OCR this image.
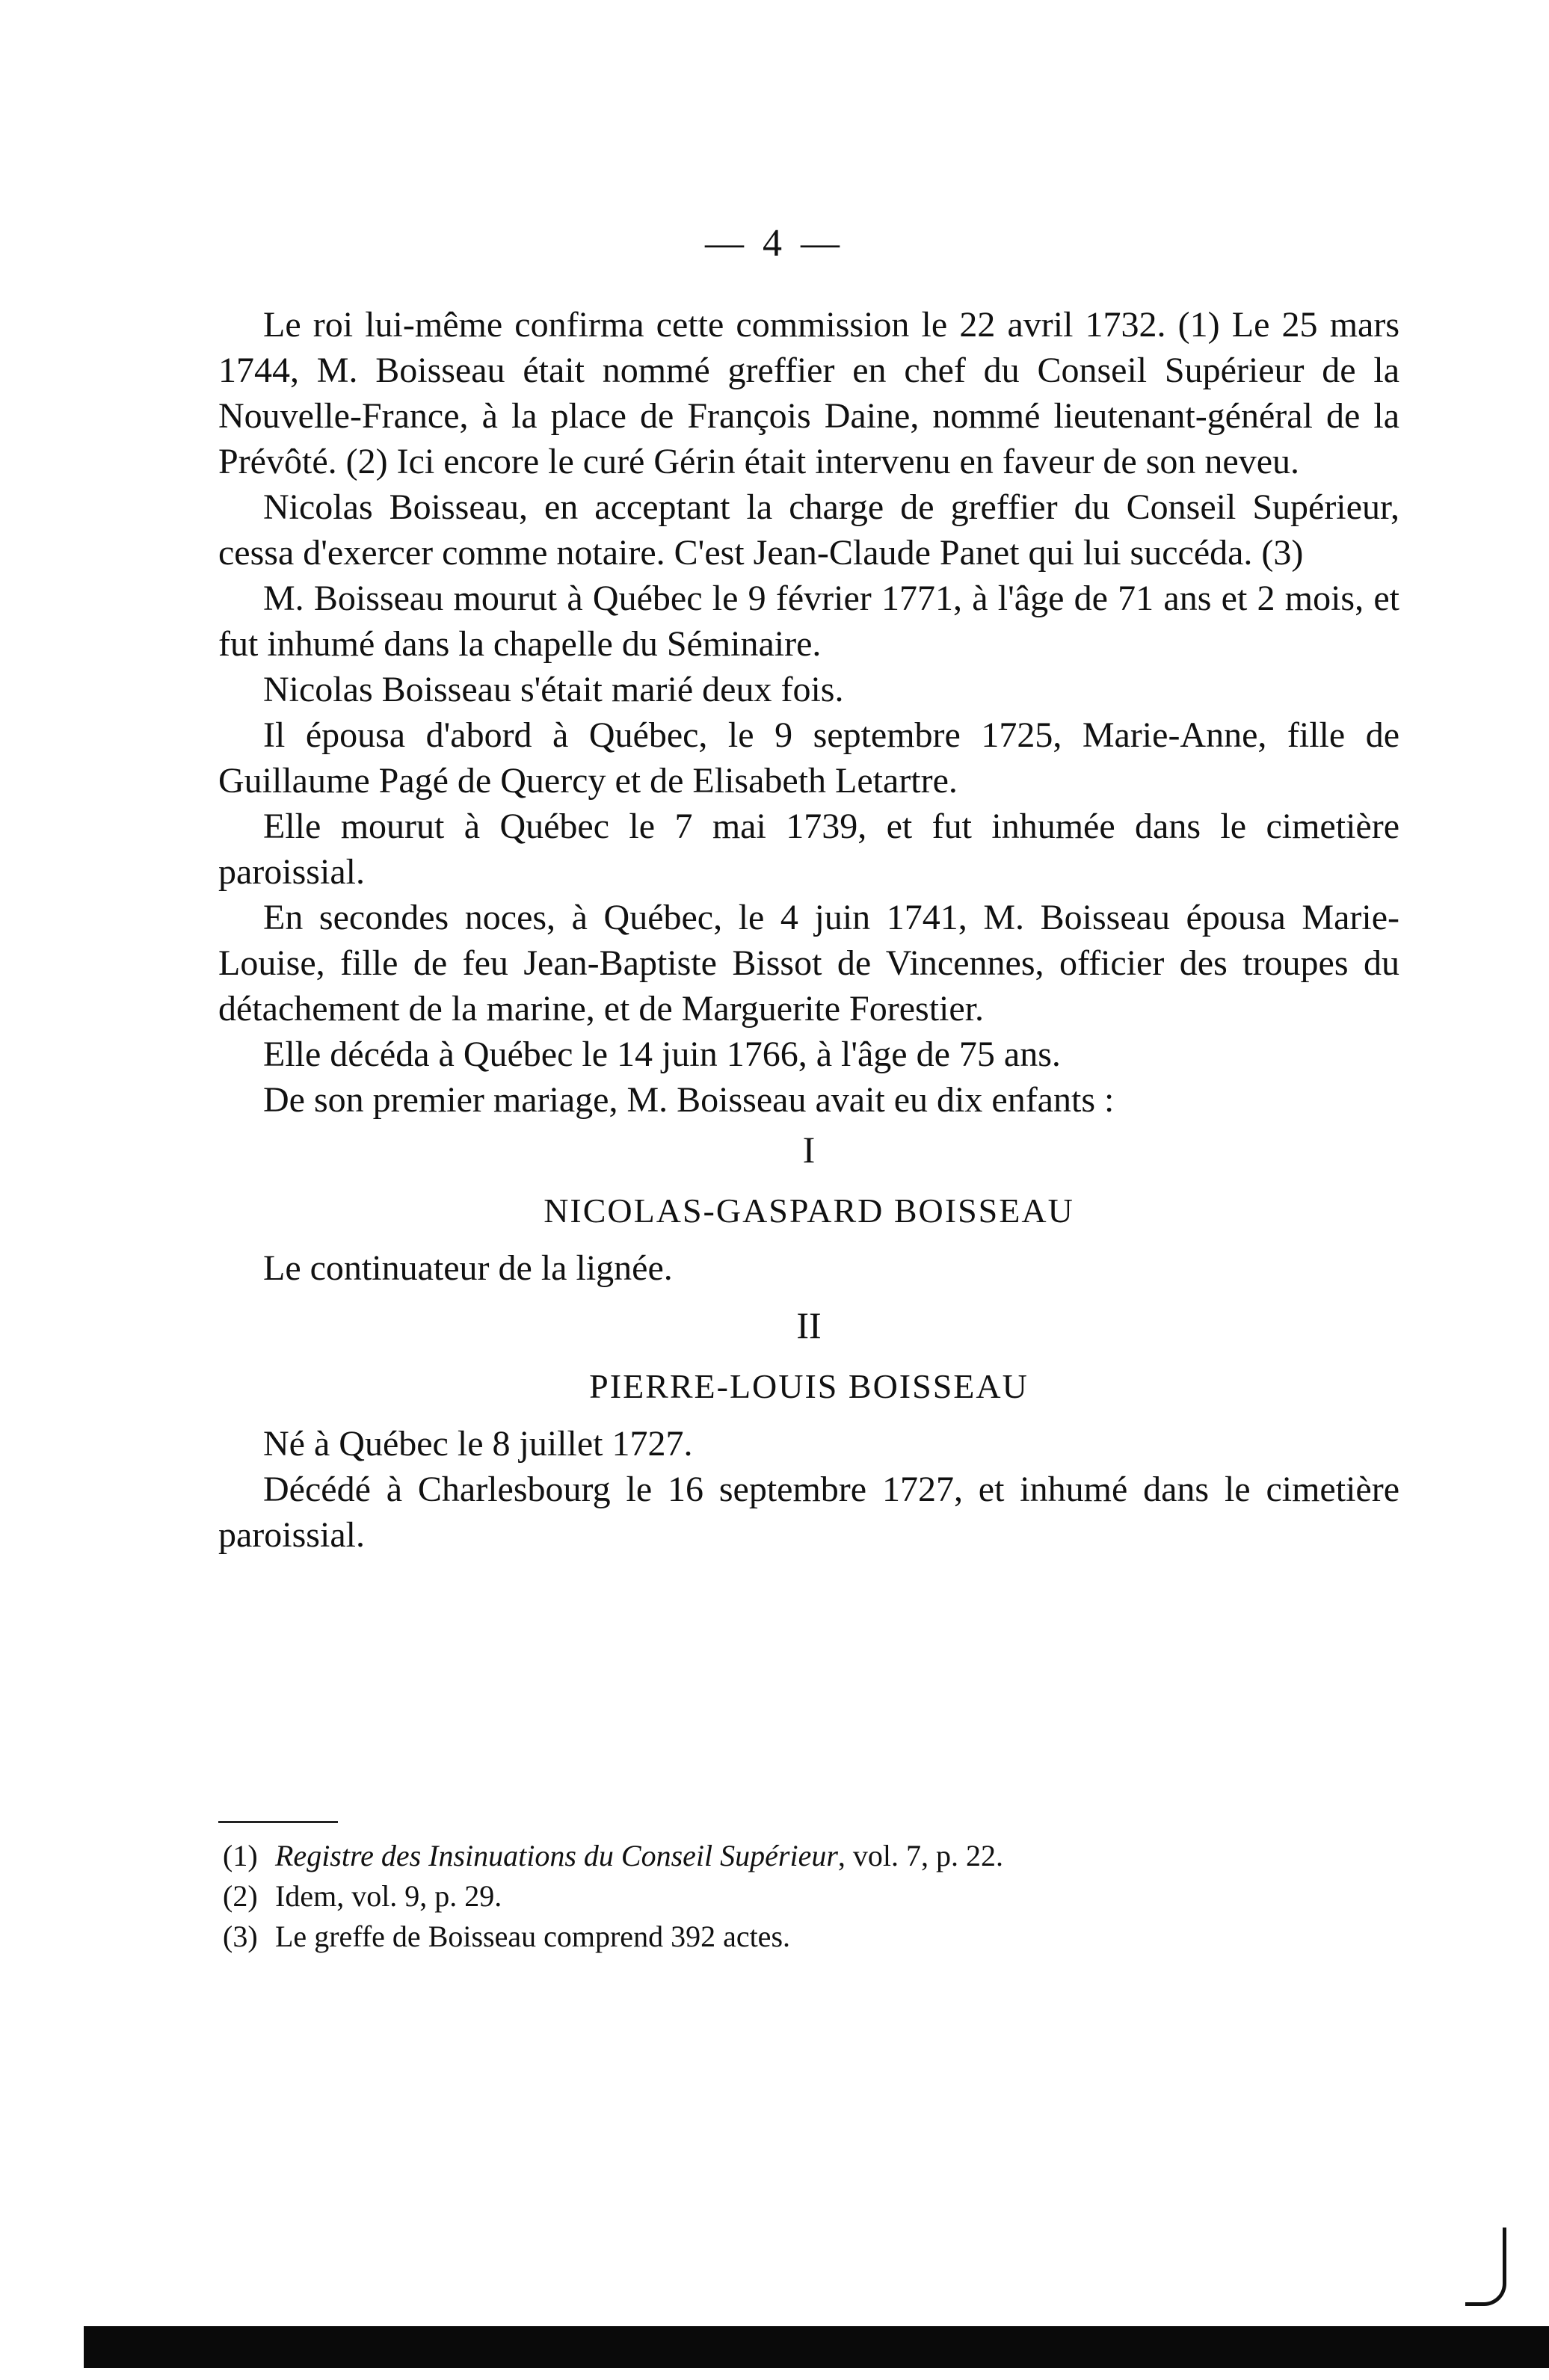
— 4 —

Le roi lui-même confirma cette commission le 22 avril 1732. (1) Le 25 mars 1744, M. Boisseau était nommé greffier en chef du Conseil Supérieur de la Nouvelle-France, à la place de François Daine, nommé lieutenant-général de la Prévôté. (2) Ici encore le curé Gérin était intervenu en faveur de son neveu.

Nicolas Boisseau, en acceptant la charge de greffier du Conseil Supérieur, cessa d'exercer comme notaire. C'est Jean-Claude Panet qui lui succéda. (3)

M. Boisseau mourut à Québec le 9 février 1771, à l'âge de 71 ans et 2 mois, et fut inhumé dans la chapelle du Séminaire.

Nicolas Boisseau s'était marié deux fois.

Il épousa d'abord à Québec, le 9 septembre 1725, Marie-Anne, fille de Guillaume Pagé de Quercy et de Elisabeth Letartre.

Elle mourut à Québec le 7 mai 1739, et fut inhumée dans le cimetière paroissial.

En secondes noces, à Québec, le 4 juin 1741, M. Boisseau épousa Marie-Louise, fille de feu Jean-Baptiste Bissot de Vincennes, officier des troupes du détachement de la marine, et de Marguerite Forestier.

Elle décéda à Québec le 14 juin 1766, à l'âge de 75 ans.

De son premier mariage, M. Boisseau avait eu dix enfants :

I
NICOLAS-GASPARD BOISSEAU

Le continuateur de la lignée.

II
PIERRE-LOUIS BOISSEAU

Né à Québec le 8 juillet 1727.

Décédé à Charlesbourg le 16 septembre 1727, et inhumé dans le cimetière paroissial.

(1) Registre des Insinuations du Conseil Supérieur, vol. 7, p. 22.

(2) Idem, vol. 9, p. 29.

(3) Le greffe de Boisseau comprend 392 actes.
